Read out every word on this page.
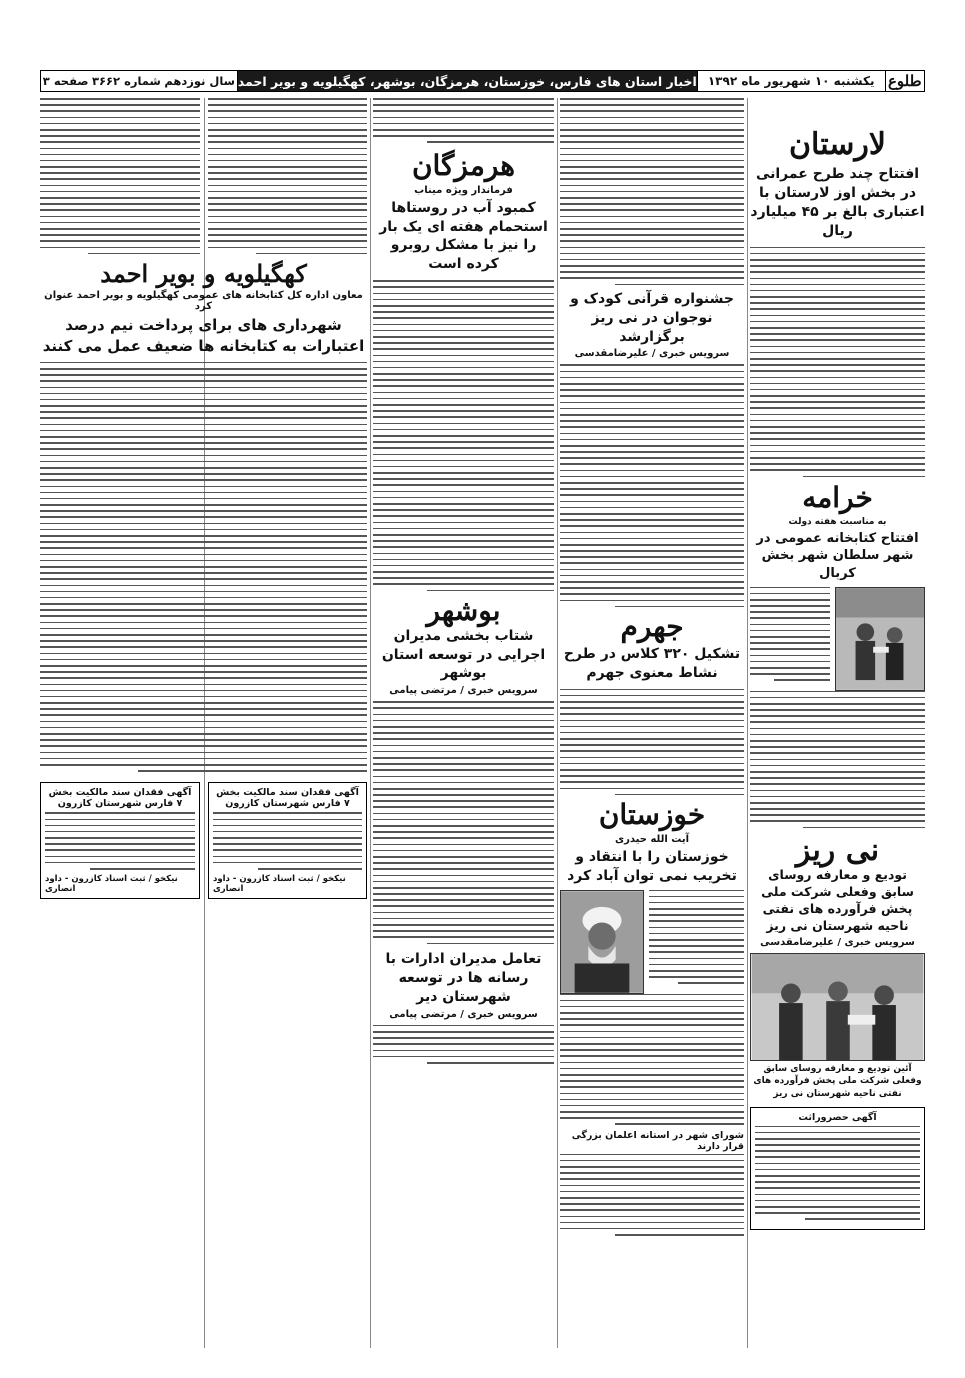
طلوع
یکشنبه ۱۰ شهریور ماه ۱۳۹۲
اخبار استان های فارس، خوزستان، هرمزگان، بوشهر، کهگیلویه و بویر احمد
سال نوزدهم
شماره ۳۶۶۲
صفحه ۳
لارستان
افتتاح چند طرح عمرانی در بخش اوز لارستان با اعتباری بالغ بر ۴۵ میلیارد ریال
خرامه
به مناسبت هفته دولت
افتتاح کتابخانه عمومی در شهر سلطان شهر بخش کربال
نی ریز
تودیع و معارفه روسای سابق وفعلی شرکت ملی پخش فرآورده های نفتی ناحیه شهرستان نی ریز
سرویس خبری / علیرضامقدسی
آئین تودیع و معارفه روسای سابق وفعلی شرکت ملی پخش فرآورده های نفتی ناحیه شهرستان نی ریز
آگهی حصروراثت
جشنواره قرآنی کودک و نوجوان در نی ریز برگزارشد
سرویس خبری / علیرضامقدسی
جهرم
تشکیل ۳۲۰ کلاس در طرح نشاط معنوی جهرم
خوزستان
آیت الله حیدری
خوزستان را با انتقاد و تخریب نمی توان آباد کرد
شورای شهر در استانه اعلمان بزرگی قرار دارند
هرمزگان
فرماندار ویژه میناب
کمبود آب در روستاها استحمام هفته ای یک بار را نیز با مشکل روبرو کرده است
بوشهر
شتاب بخشی مدیران اجرایی در توسعه استان بوشهر
سرویس خبری / مرتضی پیامی
تعامل مدیران ادارات با رسانه ها در توسعه شهرستان دیر
سرویس خبری / مرتضی پیامی
کهگیلویه و بویر احمد
معاون اداره کل کتابخانه های عمومی کهگیلویه و بویر احمد عنوان کرد
شهرداری های برای پرداخت نیم درصد اعتبارات به کتابخانه ها ضعیف عمل می کنند
آگهی فقدان سند مالکیت بخش ۷ فارس شهرستان کازرون
نیکخو / ثبت اسناد کازرون - داود انصاری
آگهی فقدان سند مالکیت بخش ۷ فارس شهرستان کازرون
نیکخو / ثبت اسناد کازرون - داود انصاری
